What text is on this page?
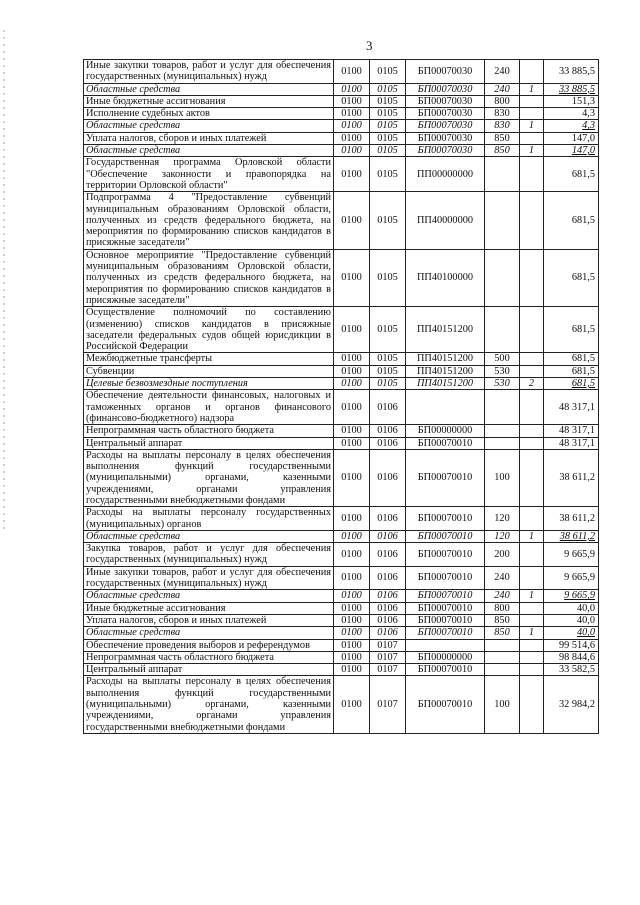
3
Иные закупки товаров, работ и услуг для обеспечения государственных (муниципальных) нужд	0100	0105	БП00070030	240		33 885,5
Областные средства	0100	0105	БП00070030	240	1	33 885,5
Иные бюджетные ассигнования	0100	0105	БП00070030	800		151,3
Исполнение судебных актов	0100	0105	БП00070030	830		4,3
Областные средства	0100	0105	БП00070030	830	1	4,3
Уплата налогов, сборов и иных платежей	0100	0105	БП00070030	850		147,0
Областные средства	0100	0105	БП00070030	850	1	147,0
Государственная программа Орловской области "Обеспечение законности и правопорядка на территории Орловской области"	0100	0105	ПП00000000			681,5
Подпрограмма 4 "Предоставление субвенций муниципальным образованиям Орловской области, полученных из средств федерального бюджета, на мероприятия по формированию списков кандидатов в присяжные заседатели"	0100	0105	ПП40000000			681,5
Основное мероприятие "Предоставление субвенций муниципальным образованиям Орловской области, полученных из средств федерального бюджета, на мероприятия по формированию списков кандидатов в присяжные заседатели"	0100	0105	ПП40100000			681,5
Осуществление полномочий по составлению (изменению) списков кандидатов в присяжные заседатели федеральных судов общей юрисдикции в Российской Федерации	0100	0105	ПП40151200			681,5
Межбюджетные трансферты	0100	0105	ПП40151200	500		681,5
Субвенции	0100	0105	ПП40151200	530		681,5
Целевые безвозмездные поступления	0100	0105	ПП40151200	530	2	681,5
Обеспечение деятельности финансовых, налоговых и таможенных органов и органов финансового (финансово-бюджетного) надзора	0100	0106				48 317,1
Непрограммная часть областного бюджета	0100	0106	БП00000000			48 317,1
Центральный аппарат	0100	0106	БП00070010			48 317,1
Расходы на выплаты персоналу в целях обеспечения выполнения функций государственными (муниципальными) органами, казенными учреждениями, органами управления государственными внебюджетными фондами	0100	0106	БП00070010	100		38 611,2
Расходы на выплаты персоналу государственных (муниципальных) органов	0100	0106	БП00070010	120		38 611,2
Областные средства	0100	0106	БП00070010	120	1	38 611,2
Закупка товаров, работ и услуг для обеспечения государственных (муниципальных) нужд	0100	0106	БП00070010	200		9 665,9
Иные закупки товаров, работ и услуг для обеспечения государственных (муниципальных) нужд	0100	0106	БП00070010	240		9 665,9
Областные средства	0100	0106	БП00070010	240	1	9 665,9
Иные бюджетные ассигнования	0100	0106	БП00070010	800		40,0
Уплата налогов, сборов и иных платежей	0100	0106	БП00070010	850		40,0
Областные средства	0100	0106	БП00070010	850	1	40,0
Обеспечение проведения выборов и референдумов	0100	0107				99 514,6
Непрограммная часть областного бюджета	0100	0107	БП00000000			98 844,6
Центральный аппарат	0100	0107	БП00070010			33 582,5
Расходы на выплаты персоналу в целях обеспечения выполнения функций государственными (муниципальными) органами, казенными учреждениями, органами управления государственными внебюджетными фондами	0100	0107	БП00070010	100		32 984,2
